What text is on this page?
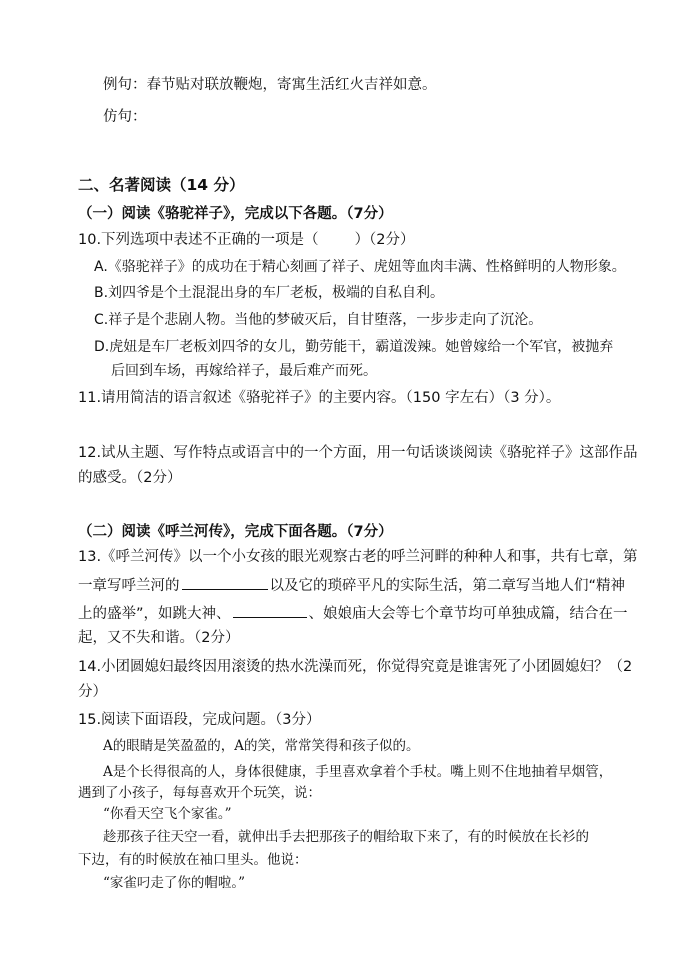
例句：春节贴对联放鞭炮，寄寓生活红火吉祥如意。
仿句：
二、名著阅读（14 分）
（一）阅读《骆驼祥子》，完成以下各题。（7分）
10.下列选项中表述不正确的一项是（ ）（2分）
A.《骆驼祥子》的成功在于精心刻画了祥子、虎妞等血肉丰满、性格鲜明的人物形象。
B.刘四爷是个土混混出身的车厂老板，极端的自私自利。
C.祥子是个悲剧人物。当他的梦破灭后，自甘堕落，一步步走向了沉沦。
D.虎妞是车厂老板刘四爷的女儿，勤劳能干，霸道泼辣。她曾嫁给一个军官，被抛弃
后回到车场，再嫁给祥子，最后难产而死。
11.请用简洁的语言叙述《骆驼祥子》的主要内容。（150 字左右）（3 分）。
12.试从主题、写作特点或语言中的一个方面，用一句话谈谈阅读《骆驼祥子》这部作品
的感受。（2分）
（二）阅读《呼兰河传》，完成下面各题。（7分）
13.《呼兰河传》以一个小女孩的眼光观察古老的呼兰河畔的种种人和事，共有七章，第
一章写呼兰河的	以及它的琐碎平凡的实际生活，第二章写当地人们“精神
上的盛举”，如跳大神、	、娘娘庙大会等七个章节均可单独成篇，结合在一
起，又不失和谐。（2分）
14.小团圆媳妇最终因用滚烫的热水洗澡而死，你觉得究竟是谁害死了小团圆媳妇？（2
分）
15.阅读下面语段，完成问题。（3分）
A的眼睛是笑盈盈的，A的笑，常常笑得和孩子似的。
A是个长得很高的人，身体很健康，手里喜欢拿着个手杖。嘴上则不住地抽着早烟管，
遇到了小孩子，每每喜欢开个玩笑，说：
“你看天空飞个家雀。”
趁那孩子往天空一看，就伸出手去把那孩子的帽给取下来了，有的时候放在长衫的
下边，有的时候放在袖口里头。他说：
“家雀叼走了你的帽啦。”
